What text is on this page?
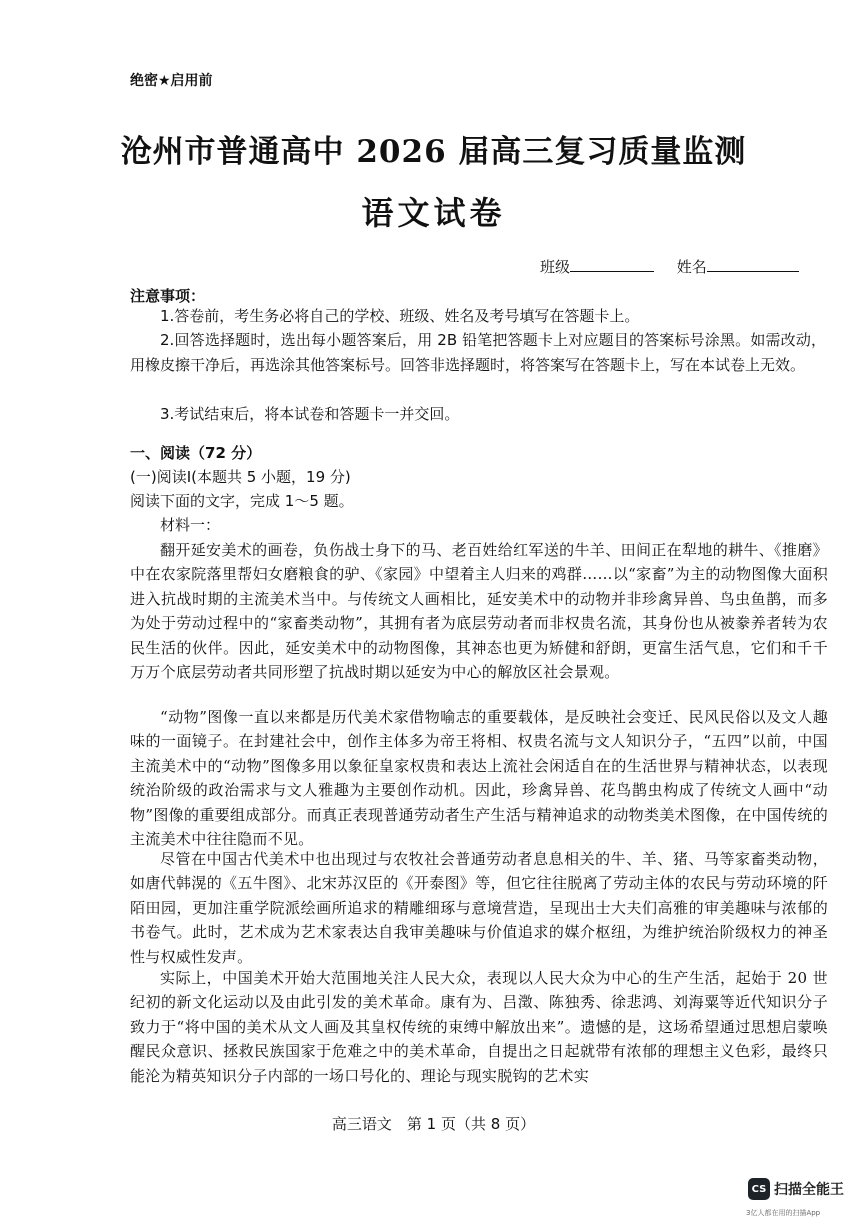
绝密★启用前
沧州市普通高中 2026 届高三复习质量监测
语文试卷
班级	姓名
注意事项：
1.答卷前，考生务必将自己的学校、班级、姓名及考号填写在答题卡上。
2.回答选择题时，选出每小题答案后，用 2B 铅笔把答题卡上对应题目的答案标号涂黑。如需改动，用橡皮擦干净后，再选涂其他答案标号。回答非选择题时，将答案写在答题卡上，写在本试卷上无效。
3.考试结束后，将本试卷和答题卡一并交回。
一、阅读（72 分）
(一)阅读Ⅰ(本题共 5 小题，19 分)
阅读下面的文字，完成 1～5 题。
材料一：
翻开延安美术的画卷，负伤战士身下的马、老百姓给红军送的牛羊、田间正在犁地的耕牛、《推磨》中在农家院落里帮妇女磨粮食的驴、《家园》中望着主人归来的鸡群……以“家畜”为主的动物图像大面积进入抗战时期的主流美术当中。与传统文人画相比，延安美术中的动物并非珍禽异兽、鸟虫鱼鹊，而多为处于劳动过程中的“家畜类动物”，其拥有者为底层劳动者而非权贵名流，其身份也从被豢养者转为农民生活的伙伴。因此，延安美术中的动物图像，其神态也更为矫健和舒朗，更富生活气息，它们和千千万万个底层劳动者共同形塑了抗战时期以延安为中心的解放区社会景观。
“动物”图像一直以来都是历代美术家借物喻志的重要载体，是反映社会变迁、民风民俗以及文人趣味的一面镜子。在封建社会中，创作主体多为帝王将相、权贵名流与文人知识分子，“五四”以前，中国主流美术中的“动物”图像多用以象征皇家权贵和表达上流社会闲适自在的生活世界与精神状态，以表现统治阶级的政治需求与文人雅趣为主要创作动机。因此，珍禽异兽、花鸟鹊虫构成了传统文人画中“动物”图像的重要组成部分。而真正表现普通劳动者生产生活与精神追求的动物类美术图像，在中国传统的主流美术中往往隐而不见。
尽管在中国古代美术中也出现过与农牧社会普通劳动者息息相关的牛、羊、猪、马等家畜类动物，如唐代韩滉的《五牛图》、北宋苏汉臣的《开泰图》等，但它往往脱离了劳动主体的农民与劳动环境的阡陌田园，更加注重学院派绘画所追求的精雕细琢与意境营造，呈现出士大夫们高雅的审美趣味与浓郁的书卷气。此时，艺术成为艺术家表达自我审美趣味与价值追求的媒介枢纽，为维护统治阶级权力的神圣性与权威性发声。
实际上，中国美术开始大范围地关注人民大众，表现以人民大众为中心的生产生活，起始于 20 世纪初的新文化运动以及由此引发的美术革命。康有为、吕澂、陈独秀、徐悲鸿、刘海粟等近代知识分子致力于“将中国的美术从文人画及其皇权传统的束缚中解放出来”。遗憾的是，这场希望通过思想启蒙唤醒民众意识、拯救民族国家于危难之中的美术革命，自提出之日起就带有浓郁的理想主义色彩，最终只能沦为精英知识分子内部的一场口号化的、理论与现实脱钩的艺术实
高三语文　第 1 页（共 8 页）
CS 扫描全能王
3亿人都在用的扫描App
